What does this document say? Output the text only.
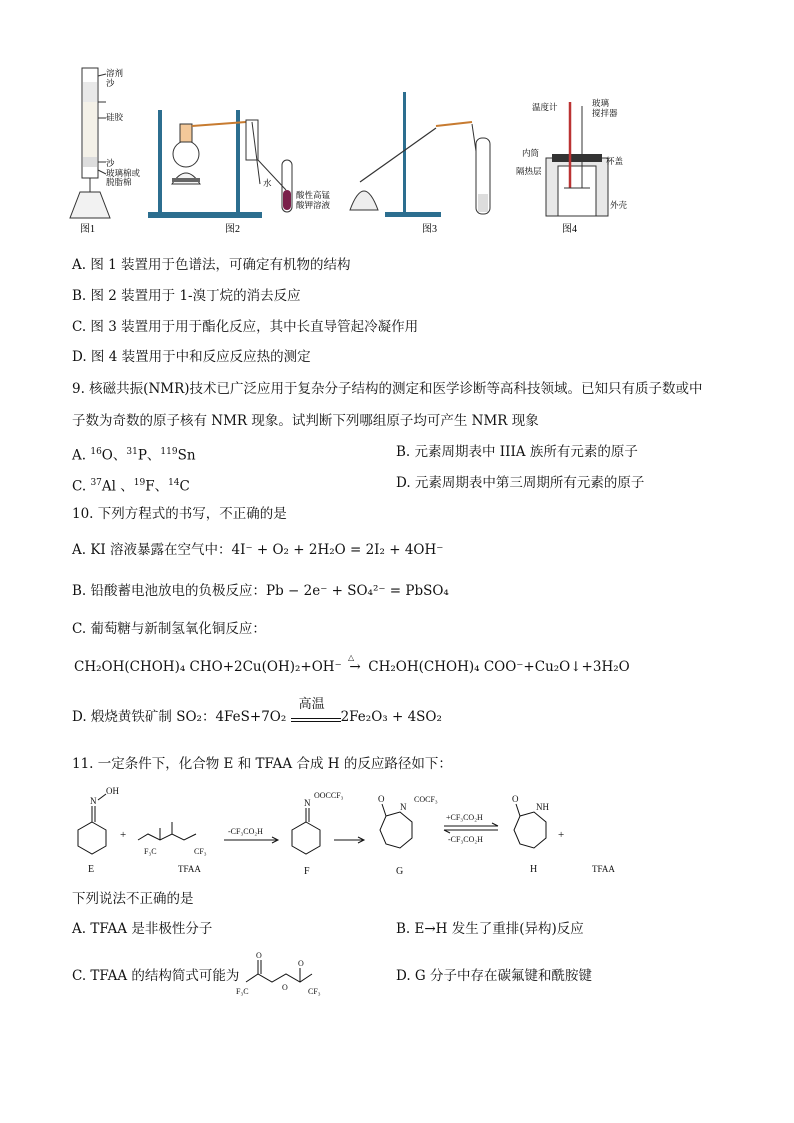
溶剂
沙
硅胶
沙
玻璃棉或
脱脂棉
图1
水
酸性高锰
酸钾溶液
图2	图3
温度计	玻璃
搅拌器
内筒
杯盖
隔热层
外壳
图4
A. 图 1 装置用于色谱法，可确定有机物的结构
B. 图 2 装置用于 1-溴丁烷的消去反应
C. 图 3 装置用于用于酯化反应，其中长直导管起冷凝作用
D. 图 4 装置用于中和反应反应热的测定
9. 核磁共振(NMR)技术已广泛应用于复杂分子结构的测定和医学诊断等高科技领域。已知只有质子数或中
子数为奇数的原子核有 NMR 现象。试判断下列哪组原子均可产生 NMR 现象
A. $^{16}$O、$^{31}$P、$^{119}$Sn	B. 元素周期表中 IIIA 族所有元素的原子
C. $^{37}$Al 、$^{19}$F、$^{14}$C	D. 元素周期表中第三周期所有元素的原子
10. 下列方程式的书写，不正确的是
A. KI 溶液暴露在空气中：4I⁻ + O₂ + 2H₂O = 2I₂ + 4OH⁻
B. 铅酸蓄电池放电的负极反应：Pb − 2e⁻ + SO₄²⁻ = PbSO₄
C. 葡萄糖与新制氢氧化铜反应：
CH₂OH(CHOH)₄ CHO+2Cu(OH)₂+OH⁻
△
→ CH₂OH(CHOH)₄ COO⁻+Cu₂O↓+3H₂O
D. 煅烧黄铁矿制 SO₂：4FeS+7O₂
高温
2Fe₂O₃ + 4SO₂
11. 一定条件下，化合物 E 和 TFAA 合成 H 的反应路径如下：
N
OH
E
+
F₃C	CF₃
TFAA
-CF₃CO₂H
N
OOCCF₃
F
O
N
COCF₃
G
+CF₃CO₂H
-CF₃CO₂H
O
NH
H
+
TFAA
下列说法不正确的是
A. TFAA 是非极性分子	B. E→H 发生了重排(异构)反应
C. TFAA 的结构简式可能为
O
O
O
F₃C	CF₃
D. G 分子中存在碳氟键和酰胺键
